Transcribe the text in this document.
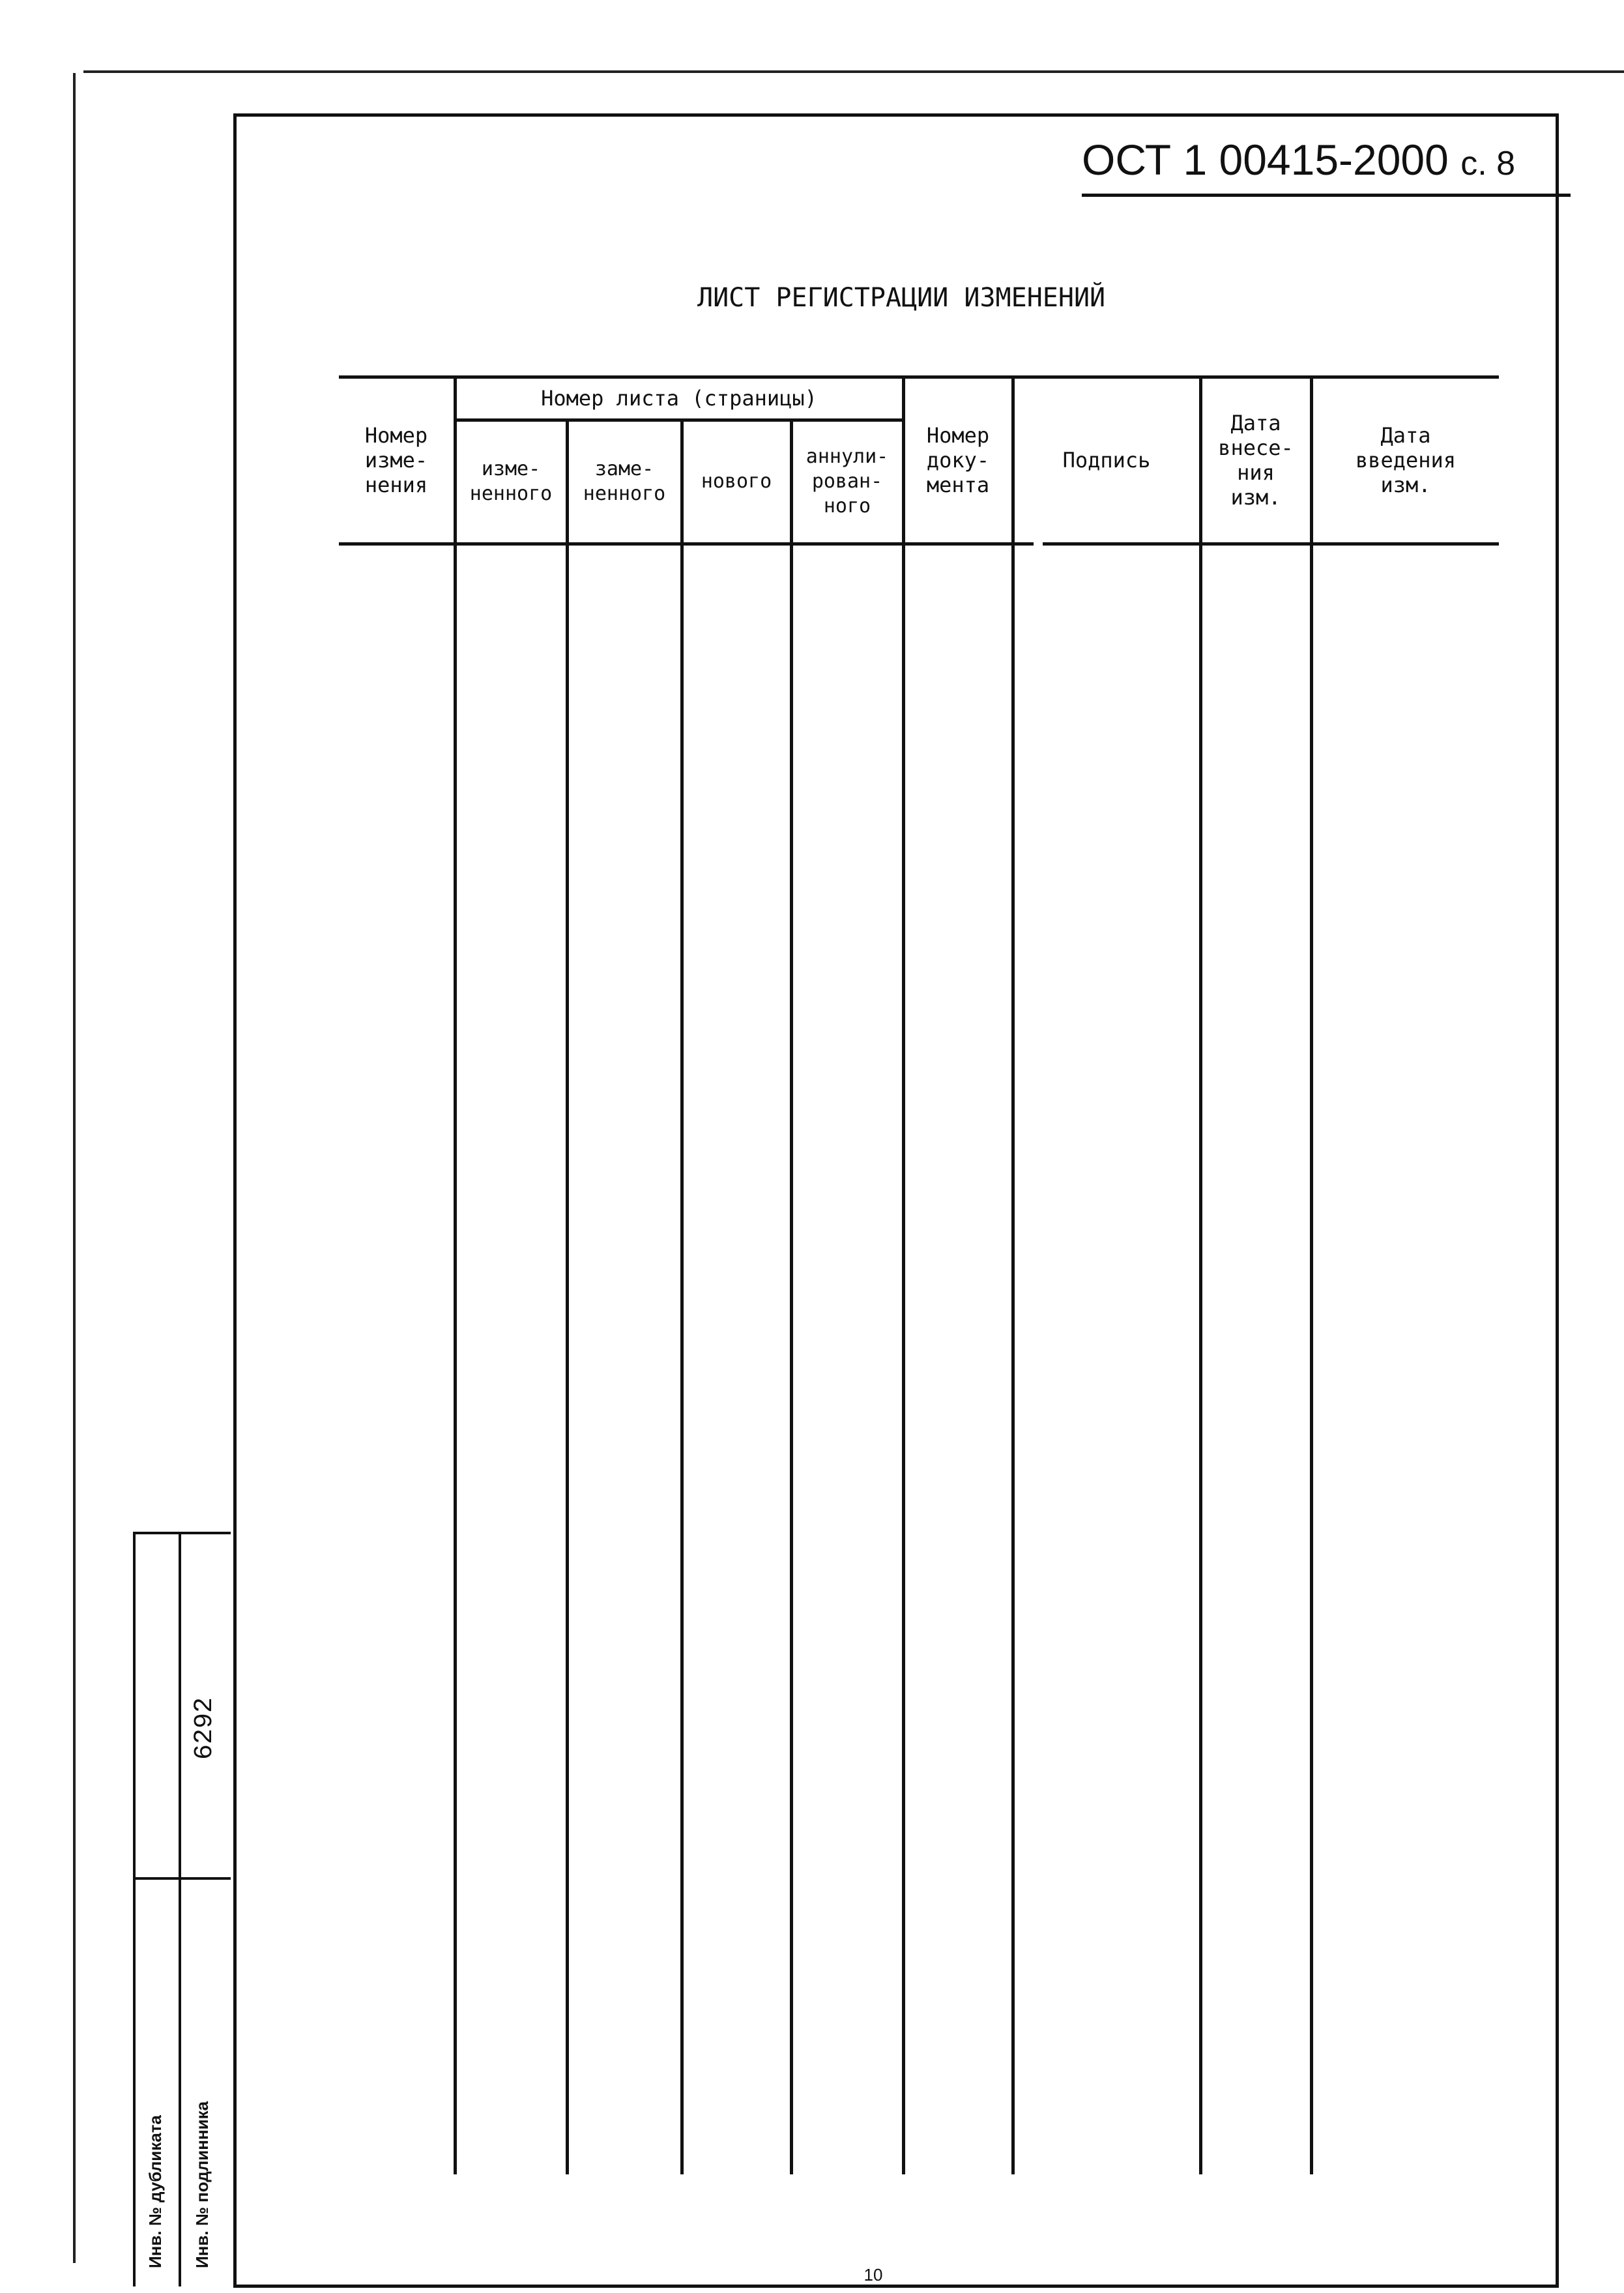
ОСТ 1 00415-2000 с. 8
ЛИСТ РЕГИСТРАЦИИ ИЗМЕНЕНИЙ
Номер листа (страницы)
Номер
изме-
нения
изме-
ненного
заме-
ненного
нового
аннули-
рован-
ного
Номер
доку-
мента
Подпись
Дата
внесе-
ния
изм.
Дата
введения
изм.
Инв. № дубликата Инв. № подлинника
6292
10
